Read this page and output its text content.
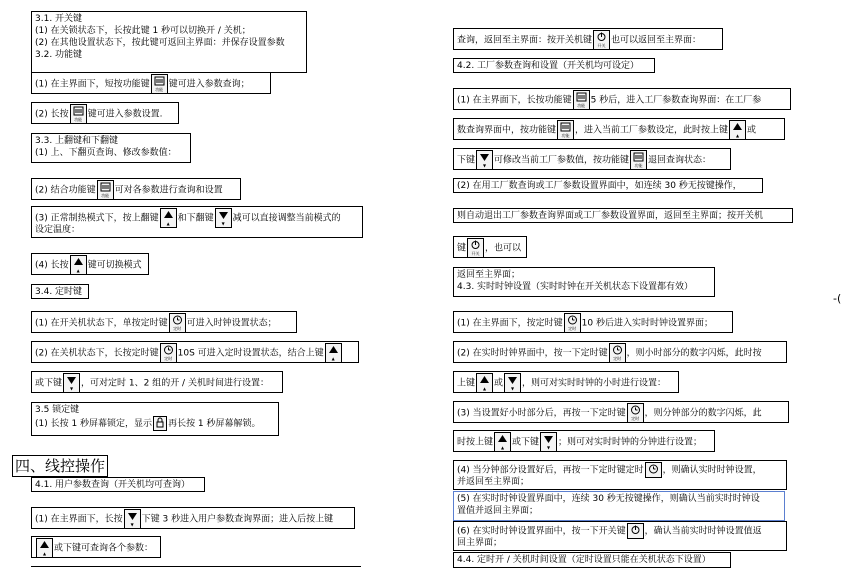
3.1. 开关键
(1) 在关锁状态下，长按此键 1 秒可以切换开 / 关机；
(2) 在其他设置状态下，按此键可返回主界面：并保存设置参数
3.2. 功能键
(1) 在主界面下，短按功能键	功能 键可进入参数查询；
(2) 长按	功能 键可进入参数设置.
3.3. 上翻键和下翻键
(1) 上、下翻页查询、修改参数值：
(2) 结合功能键	功能 可对各参数进行查询和设置
(3) 正常制热模式下，按上翻键	▲ 和下翻键	▼ 减可以直接调整当前模式的
设定温度：
(4) 长按	▲ 键可切换模式
3.4. 定时键
(1) 在开关机状态下，单按定时键	定时 可进入时钟设置状态；
(2) 在关机状态下，长按定时键	定时 10S 可进入定时设置状态，结合上键	▲
或下键	▼ ，可对定时 1、2 组的开 / 关机时间进行设置：
3.5 锁定键
(1) 长按 1 秒屏幕锁定，显示 再长按 1 秒屏幕解锁。
四、线控操作
4.1. 用户参数查询（开关机均可查询）
(1) 在主界面下，长按	▼ 下键 3 秒进入用户参数查询界面；进入后按上键
▲ 或下键可查询各个参数：
查询，返回至主界面：按开关机键	开关 也可以返回至主界面：
4.2. 工厂参数查询和设置（开关机均可设定）
(1) 在主界面下，长按功能键	功能 5 秒后，进入工厂参数查询界面：在工厂参
数查询界面中，按功能键	功能 ，进入当前工厂参数设定，此时按上键	▲ 或
下键	▼ 可修改当前工厂参数值，按功能键	功能 退回查询状态：
(2) 在用工厂数查询或工厂参数设置界面中，如连续 30 秒无按键操作，
则自动退出工厂参数查询界面或工厂参数设置界面，返回至主界面；按开关机
键	开关 ，也可以
返回至主界面；
4.3. 实时时钟设置（实时时钟在开关机状态下设置都有效）
(1) 在主界面下，按定时键	定时 10 秒后进入实时时钟设置界面；
(2) 在实时时钟界面中，按一下定时键	定时 ，则小时部分的数字闪烁，此时按
上键	▲ 或	▼ ，则可对实时时钟的小时进行设置：
(3) 当设置好小时部分后，再按一下定时键	定时 ，则分钟部分的数字闪烁，此
时按上键	▲ 或下键	▼ ；则可对实时时钟的分钟进行设置；
(4) 当分钟部分设置好后，再按一下定时键定时 ，则确认实时时钟设置，
并返回至主界面；
(5) 在实时时钟设置界面中，连续 30 秒无按键操作，则确认当前实时时钟设
置值并返回主界面；
(6) 在实时时钟设置界面中，按一下开关键 ，确认当前实时时钟设置值返
回主界面；
4.4. 定时开 / 关机时间设置（定时设置只能在关机状态下设置）
-(
